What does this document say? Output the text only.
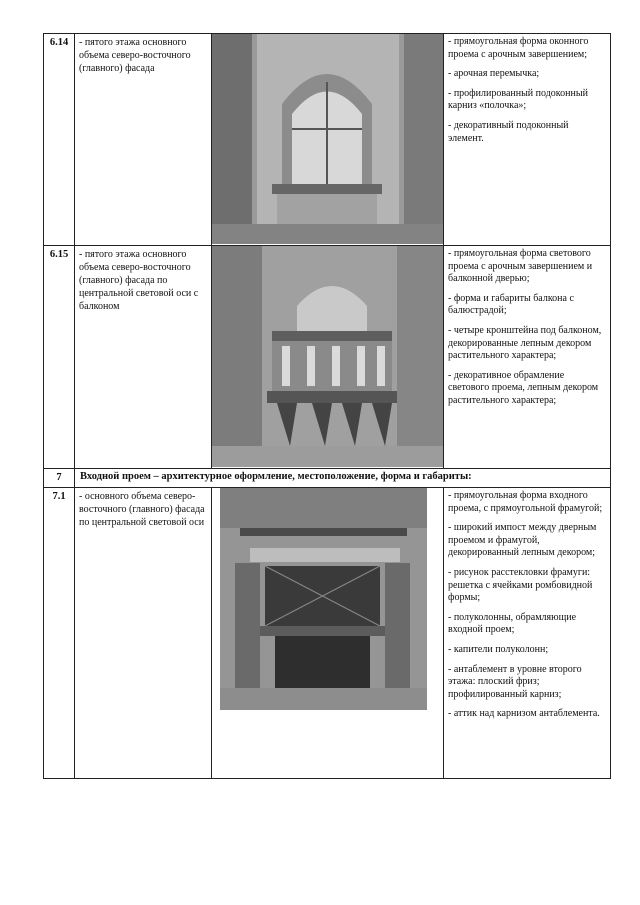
6.14	- пятого этажа основного объема северо-восточного (главного) фасада

- прямоугольная форма оконного проема с арочным завершением;

- арочная перемычка;

- профилированный подоконный карниз «полочка»;

- декоративный подоконный элемент.

6.15	- пятого этажа основного объема северо-восточного (главного) фасада по центральной световой оси с балконом

- прямоугольная форма светового проема с арочным завершением и балконной дверью;

- форма и габариты балкона с балюстрадой;

- четыре кронштейна под балконом, декорированные лепным декором растительного характера;

- декоративное обрамление светового проема, лепным декором растительного характера;

7	Входной проем – архитектурное оформление, местоположение, форма и габариты:
7.1	- основного объема северо-восточного (главного) фасада по центральной световой оси

- прямоугольная форма входного проема, с прямоугольной фрамугой;

- широкий импост между дверным проемом и фрамугой, декорированный лепным декором;

- рисунок расстекловки фрамуги: решетка с ячейками ромбовидной формы;

- полуколонны, обрамляющие входной проем;

- капители полуколонн;

- антаблемент в уровне второго этажа: плоский фриз; профилированный карниз;

- аттик над карнизом антаблемента.
